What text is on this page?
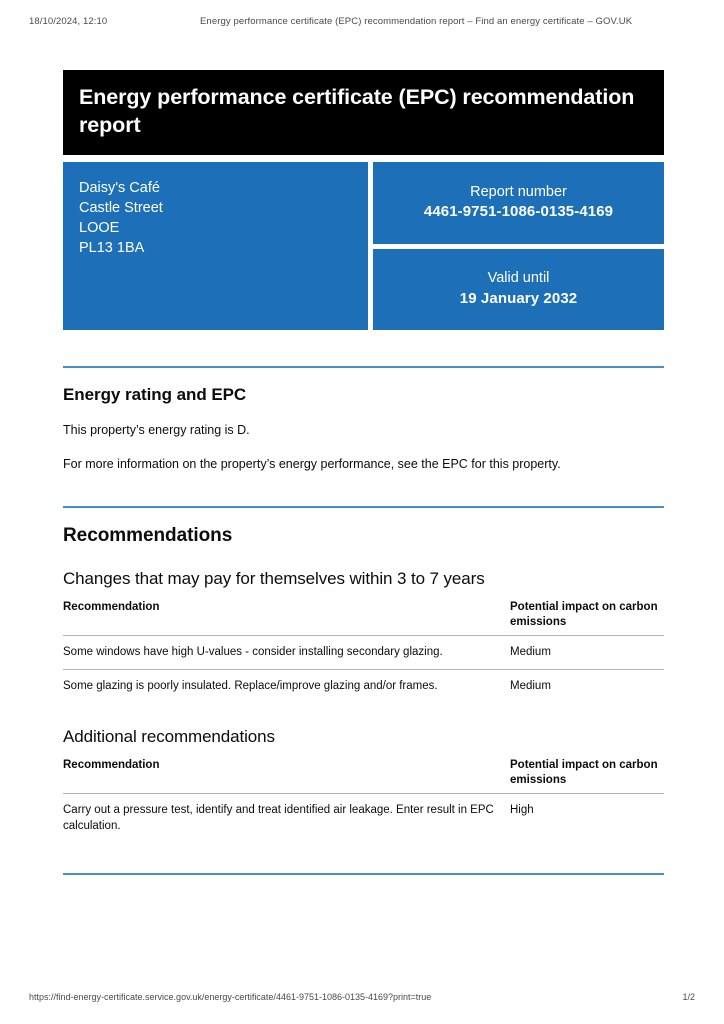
18/10/2024, 12:10	Energy performance certificate (EPC) recommendation report – Find an energy certificate – GOV.UK
Energy performance certificate (EPC) recommendation report
Daisy's Café
Castle Street
LOOE
PL13 1BA
Report number
4461-9751-1086-0135-4169
Valid until
19 January 2032
Energy rating and EPC

This property’s energy rating is D.

For more information on the property’s energy performance, see the EPC for this property.

Recommendations
Changes that may pay for themselves within 3 to 7 years
Recommendation	Potential impact on carbon emissions
Some windows have high U-values - consider installing secondary glazing.	Medium
Some glazing is poorly insulated. Replace/improve glazing and/or frames.	Medium
Additional recommendations
Recommendation	Potential impact on carbon emissions
Carry out a pressure test, identify and treat identified air leakage. Enter result in EPC calculation.	High
https://find-energy-certificate.service.gov.uk/energy-certificate/4461-9751-1086-0135-4169?print=true	1/2
